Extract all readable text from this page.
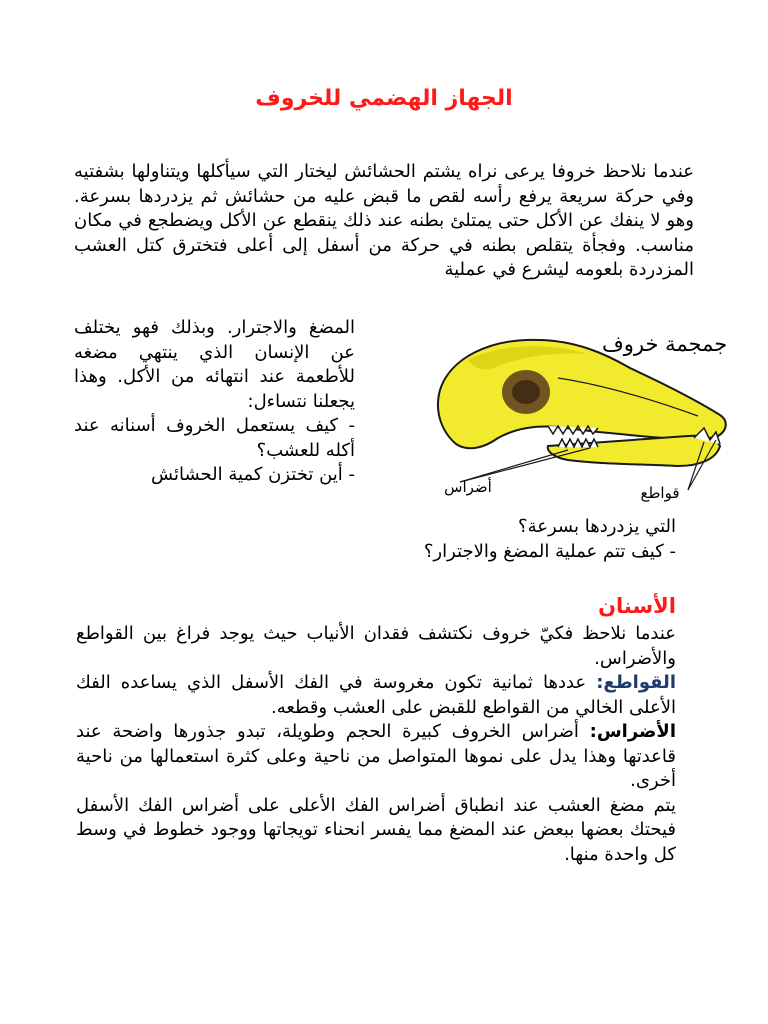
الجهاز الهضمي للخروف

عندما نلاحظ خروفا يرعى نراه يشتم الحشائش ليختار التي سيأكلها ويتناولها بشفتيه وفي حركة سريعة يرفع رأسه لقص ما قبض عليه من حشائش ثم يزدردها بسرعة. وهو لا ينفك عن الأكل حتى يمتلئ بطنه عند ذلك ينقطع عن الأكل ويضطجع في مكان مناسب. وفجأة يتقلص بطنه في حركة من أسفل إلى أعلى فتخترق كتل العشب المزدردة بلعومه ليشرع في عملية

المضغ والاجترار. وبذلك فهو يختلف عن الإنسان الذي ينتهي مضغه للأطعمة عند انتهائه من الأكل. وهذا يجعلنا نتساءل:
- كيف يستعمل الخروف أسنانه عند أكله للعشب؟
- أين تختزن كمية الحشائش
أضراس	قواطع
جمجمة خروف
التي يزدردها بسرعة؟
- كيف تتم عملية المضغ والاجترار؟
الأسنان

عندما نلاحظ فكيّ خروف نكتشف فقدان الأنياب حيث يوجد فراغ بين القواطع والأضراس.

القواطع: عددها ثمانية تكون مغروسة في الفك الأسفل الذي يساعده الفك الأعلى الخالي من القواطع للقبض على العشب وقطعه.

الأضراس: أضراس الخروف كبيرة الحجم وطويلة، تبدو جذورها واضحة عند قاعدتها وهذا يدل على نموها المتواصل من ناحية وعلى كثرة استعمالها من ناحية أخرى.

يتم مضغ العشب عند انطباق أضراس الفك الأعلى على أضراس الفك الأسفل فيحتك بعضها ببعض عند المضغ مما يفسر انحناء تويجاتها ووجود خطوط في وسط كل واحدة منها.
